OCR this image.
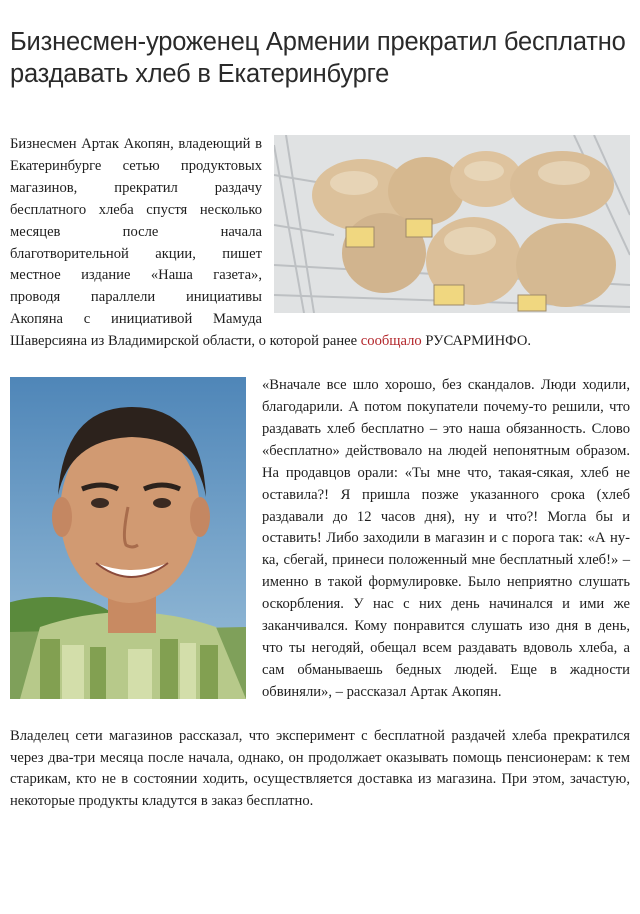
Бизнесмен-уроженец Армении прекратил бесплатно раздавать хлеб в Екатеринбурге

Бизнесмен Артак Акопян, владеющий в Екатеринбурге сетью продуктовых магазинов, прекратил раздачу бесплатного хлеба спустя несколько месяцев после начала благотворительной акции, пишет местное издание «Наша газета», проводя параллели инициативы Акопяна с инициативой Мамуда Шаверсияна из Владимирской области, о которой ранее сообщало РУСАРМИНФО.

«Вначале все шло хорошо, без скандалов. Люди ходили, благодарили. А потом покупатели почему-то решили, что раздавать хлеб бесплатно – это наша обязанность. Слово «бесплатно» действовало на людей непонятным образом. На продавцов орали: «Ты мне что, такая-сякая, хлеб не оставила?! Я пришла позже указанного срока (хлеб раздавали до 12 часов дня), ну и что?! Могла бы и оставить! Либо заходили в магазин и с порога так: «А ну-ка, сбегай, принеси положенный мне бесплатный хлеб!» – именно в такой формулировке. Было неприятно слушать оскорбления. У нас с них день начинался и ими же заканчивался. Кому понравится слушать изо дня в день, что ты негодяй, обещал всем раздавать вдоволь хлеба, а сам обманываешь бедных людей. Еще в жадности обвиняли», – рассказал Артак Акопян.

Владелец сети магазинов рассказал, что эксперимент с бесплатной раздачей хлеба прекратился через два-три месяца после начала, однако, он продолжает оказывать помощь пенсионерам: к тем старикам, кто не в состоянии ходить, осуществляется доставка из магазина. При этом, зачастую, некоторые продукты кладутся в заказ бесплатно.
